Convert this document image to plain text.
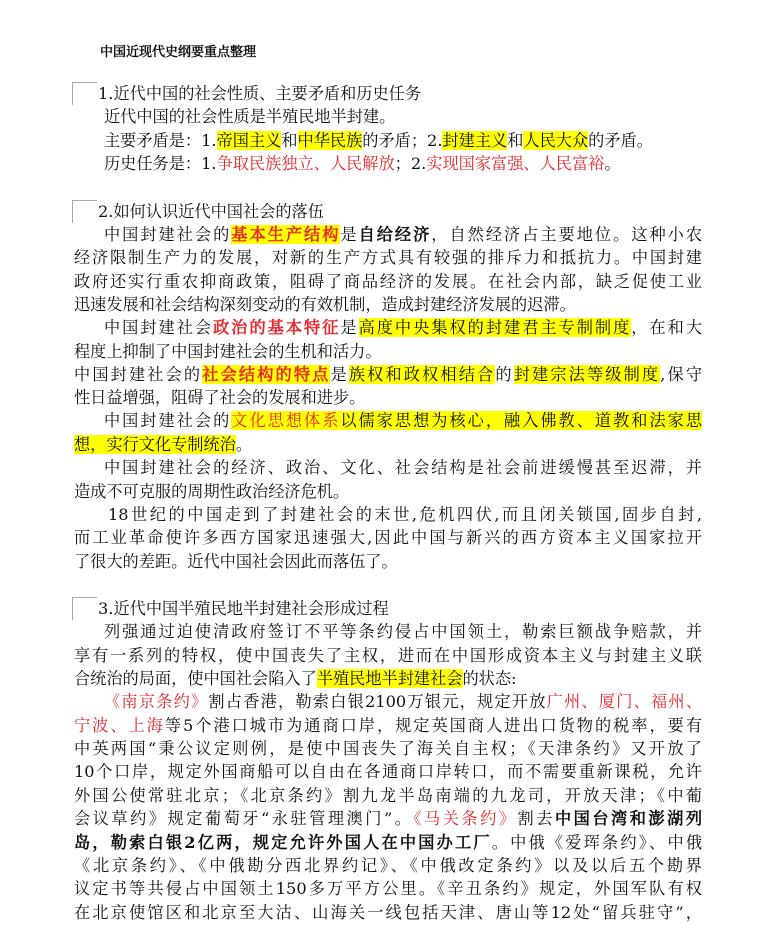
中国近现代史纲要重点整理
1.近代中国的社会性质、主要矛盾和历史任务
近代中国的社会性质是半殖民地半封建。
主要矛盾是：1.帝国主义和中华民族的矛盾；2.封建主义和人民大众的矛盾。
历史任务是：1.争取民族独立、人民解放；2.实现国家富强、人民富裕。
2.如何认识近代中国社会的落伍
中国封建社会的基本生产结构是自给经济，自然经济占主要地位。这种小农
经济限制生产力的发展，对新的生产方式具有较强的排斥力和抵抗力。中国封建
政府还实行重农抑商政策，阻碍了商品经济的发展。在社会内部，缺乏促使工业
迅速发展和社会结构深刻变动的有效机制，造成封建经济发展的迟滞。
中国封建社会政治的基本特征是高度中央集权的封建君主专制制度，在和大
程度上抑制了中国封建社会的生机和活力。
中国封建社会的社会结构的特点是族权和政权相结合的封建宗法等级制度,保守
性日益增强，阻碍了社会的发展和进步。
中国封建社会的文化思想体系以儒家思想为核心，融入佛教、道教和法家思
想，实行文化专制统治。
中国封建社会的经济、政治、文化、社会结构是社会前进缓慢甚至迟滞，并
造成不可克服的周期性政治经济危机。
18世纪的中国走到了封建社会的末世,危机四伏,而且闭关锁国,固步自封,
而工业革命使许多西方国家迅速强大,因此中国与新兴的西方资本主义国家拉开
了很大的差距。近代中国社会因此而落伍了。
3.近代中国半殖民地半封建社会形成过程
列强通过迫使清政府签订不平等条约侵占中国领土，勒索巨额战争赔款，并
享有一系列的特权，使中国丧失了主权，进而在中国形成资本主义与封建主义联
合统治的局面，使中国社会陷入了半殖民地半封建社会的状态:
《南京条约》割占香港，勒索白银2100万银元，规定开放广州、厦门、福州、
宁波、上海等5个港口城市为通商口岸，规定英国商人进出口货物的税率，要有
中英两国“秉公议定则例，是使中国丧失了海关自主权；《天津条约》又开放了
10个口岸，规定外国商船可以自由在各通商口岸转口，而不需要重新课税，允许
外国公使常驻北京；《北京条约》割九龙半岛南端的九龙司，开放天津；《中葡
会议草约》规定葡萄牙“永驻管理澳门”。《马关条约》割去中国台湾和澎湖列
岛，勒索白银2亿两，规定允许外国人在中国办工厂。中俄《爱珲条约》、中俄
《北京条约》、《中俄勘分西北界约记》、《中俄改定条约》以及以后五个勘界
议定书等共侵占中国领土150多万平方公里。《辛丑条约》规定，外国军队有权
在北京使馆区和北京至大沽、山海关一线包括天津、唐山等12处“留兵驻守”，
